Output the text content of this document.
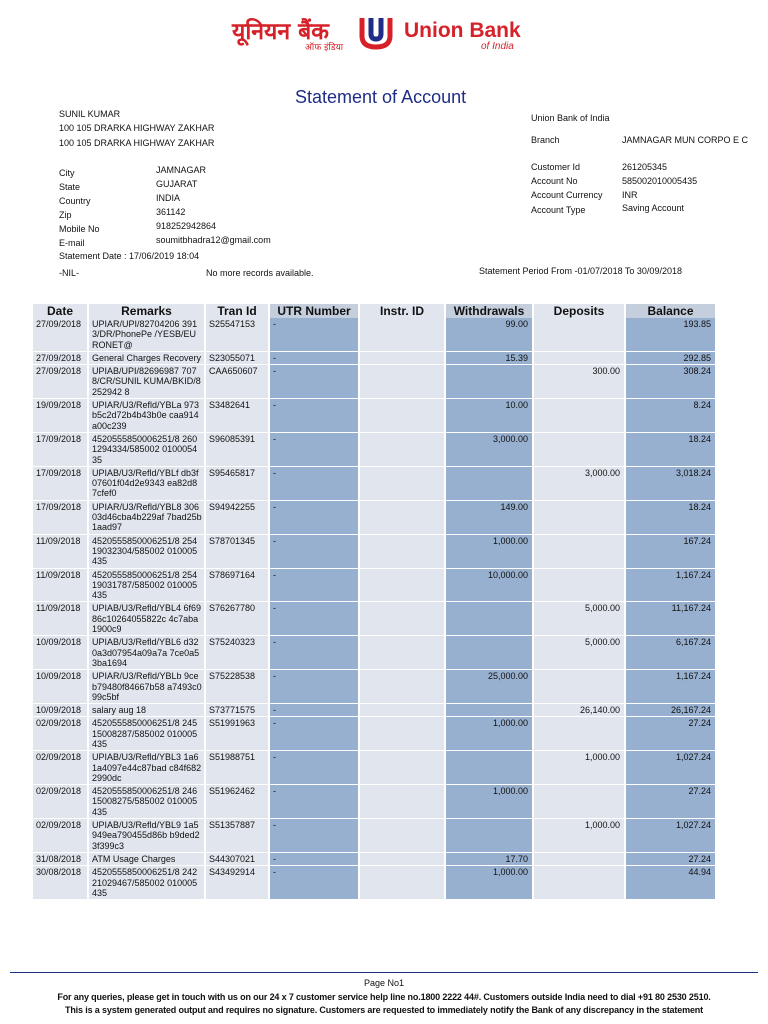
यूनियन बैंक
ऑफ इंडिया
Union Bank
of India
Statement of Account
SUNIL KUMAR
100 105 DRARKA HIGHWAY ZAKHAR
100 105 DRARKA HIGHWAY ZAKHAR
City	JAMNAGAR
State	GUJARAT
Country	INDIA
Zip	361142
Mobile No	918252942864
E-mail	soumitbhadra12@gmail.com
Statement Date : 17/06/2019 18:04
Union Bank of India
Branch	JAMNAGAR MUN CORPO E C
Customer Id	261205345
Account No	585002010005435
Account Currency INR
Account Type	Saving Account
-NIL-	No more records available.	Statement Period From -01/07/2018 To 30/09/2018
Date	Remarks	Tran Id	UTR Number	Instr. ID	Withdrawals	Deposits	Balance
27/09/2018	UPIAR/UPI/82704206 3913/DR/PhonePe /YESB/EURONET@	S25547153	-		99.00		193.85
27/09/2018	General Charges Recovery	S23055071	-		15.39		292.85
27/09/2018	UPIAB/UPI/82696987 7078/CR/SUNIL KUMA/BKID/8252942 8	CAA650607	-			300.00	308.24
19/09/2018	UPIAR/U3/Refld/YBLa 973b5c2d72b4b43b0e caa914a00c239	S3482641	-		10.00		8.24
17/09/2018	4520555850006251/8 2601294334/585002 010005435	S96085391	-		3,000.00		18.24
17/09/2018	UPIAB/U3/Refld/YBLf db3f07601f04d2e9343 ea82d87cfef0	S95465817	-			3,000.00	3,018.24
17/09/2018	UPIAR/U3/Refld/YBL8 30603d46cba4b229af 7bad25b1aad97	S94942255	-		149.00		18.24
11/09/2018	4520555850006251/8 25419032304/585002 010005435	S78701345	-		1,000.00		167.24
11/09/2018	4520555850006251/8 25419031787/585002 010005435	S78697164	-		10,000.00		1,167.24
11/09/2018	UPIAB/U3/Refld/YBL4 6f6986c10264055822c 4c7aba1900c9	S76267780	-			5,000.00	11,167.24
10/09/2018	UPIAB/U3/Refld/YBL6 d320a3d07954a09a7a 7ce0a53ba1694	S75240323	-			5,000.00	6,167.24
10/09/2018	UPIAR/U3/Refld/YBLb 9ceb79480f84667b58 a7493c099c5bf	S75228538	-		25,000.00		1,167.24
10/09/2018	salary aug 18	S73771575	-			26,140.00	26,167.24
02/09/2018	4520555850006251/8 24515008287/585002 010005435	S51991963	-		1,000.00		27.24
02/09/2018	UPIAB/U3/Refld/YBL3 1a61a4097e44c87bad c84f6822990dc	S51988751	-			1,000.00	1,027.24
02/09/2018	4520555850006251/8 24615008275/585002 010005435	S51962462	-		1,000.00		27.24
02/09/2018	UPIAB/U3/Refld/YBL9 1a5949ea790455d86b b9ded23f399c3	S51357887	-			1,000.00	1,027.24
31/08/2018	ATM Usage Charges	S44307021	-		17.70		27.24
30/08/2018	4520555850006251/8 24221029467/585002 010005435	S43492914	-		1,000.00		44.94
Page No1
For any queries, please get in touch with us on our 24 x 7 customer service help line no.1800 2222 44#. Customers outside India need to dial +91 80 2530 2510.
This is a system generated output and requires no signature. Customers are requested to immediately notify the Bank of any discrepancy in the statement
